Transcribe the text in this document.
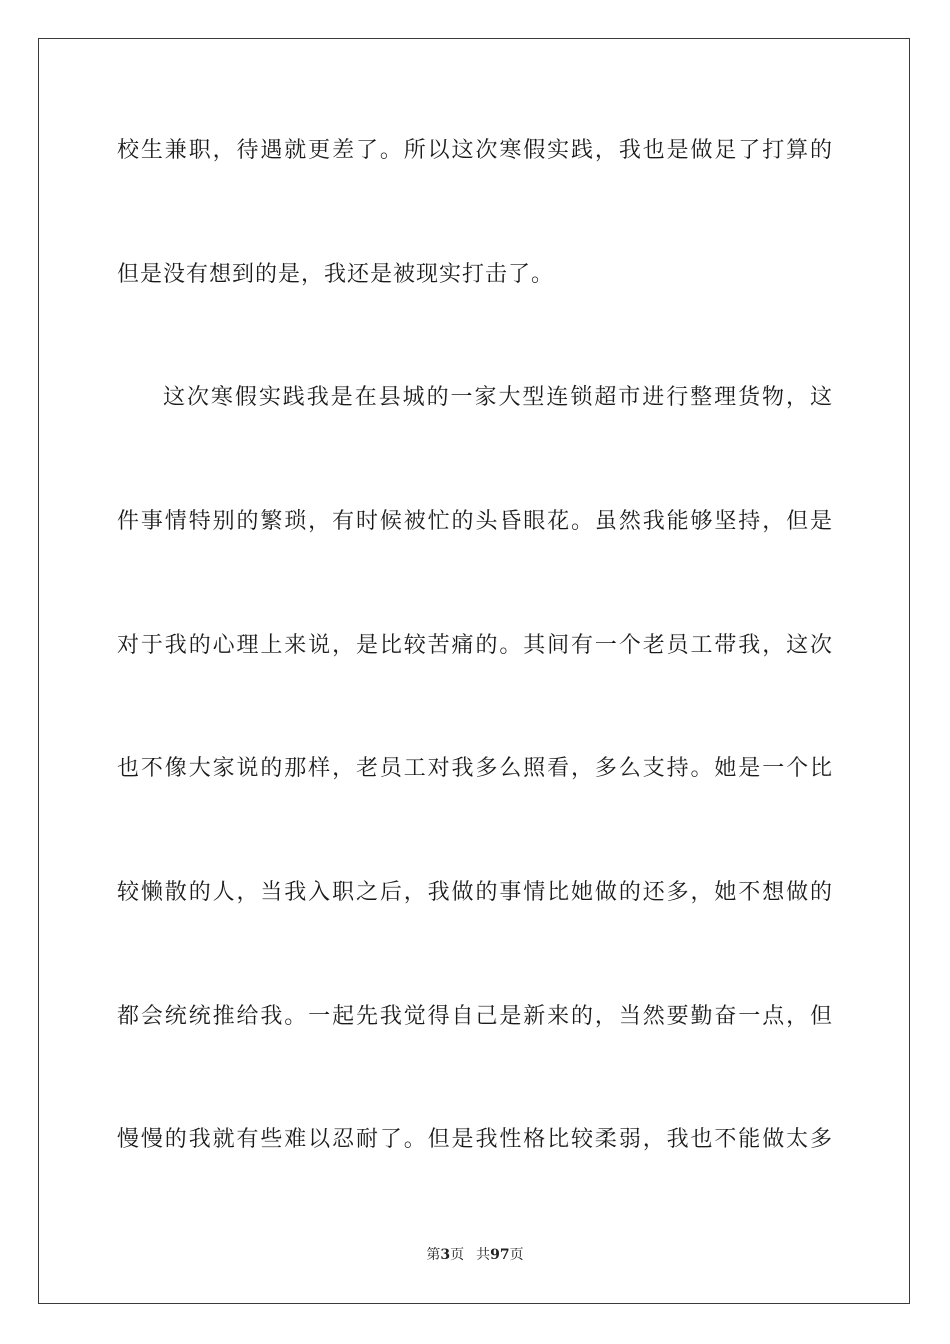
校生兼职，待遇就更差了。所以这次寒假实践，我也是做足了打算的
但是没有想到的是，我还是被现实打击了。
这次寒假实践我是在县城的一家大型连锁超市进行整理货物，这
件事情特别的繁琐，有时候被忙的头昏眼花。虽然我能够坚持，但是
对于我的心理上来说，是比较苦痛的。其间有一个老员工带我，这次
也不像大家说的那样，老员工对我多么照看，多么支持。她是一个比
较懒散的人，当我入职之后，我做的事情比她做的还多，她不想做的
都会统统推给我。一起先我觉得自己是新来的，当然要勤奋一点，但
慢慢的我就有些难以忍耐了。但是我性格比较柔弱，我也不能做太多
第3页 共97页
